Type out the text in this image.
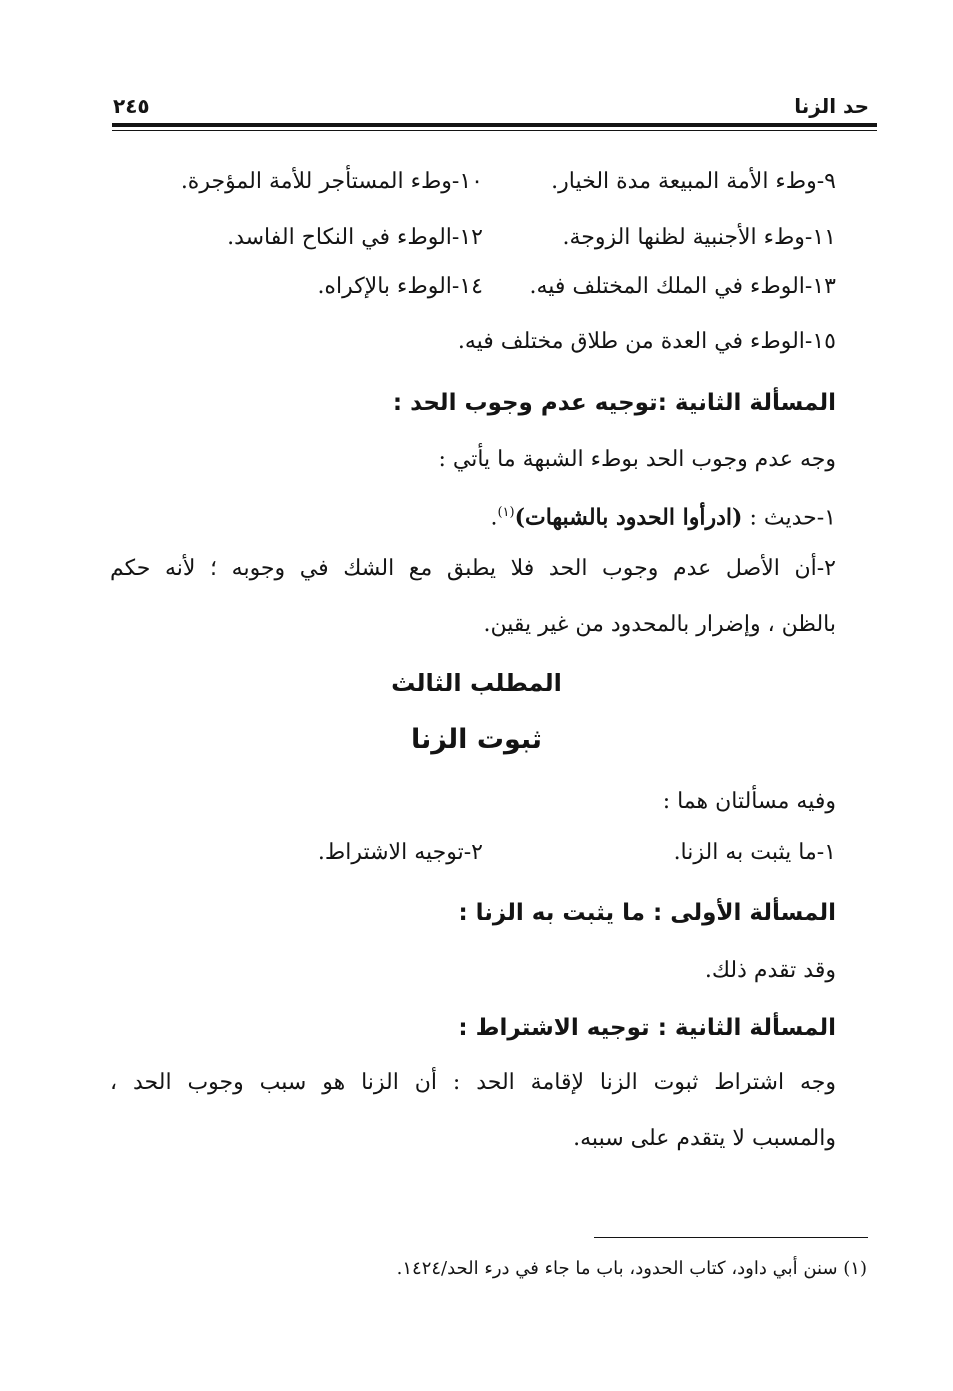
حد الزنا
٢٤٥
٩-وطء الأمة المبيعة مدة الخيار.
١٠-وطء المستأجر للأمة المؤجرة.
١١-وطء الأجنبية لظنها الزوجة.
١٢-الوطء في النكاح الفاسد.
١٣-الوطء في الملك المختلف فيه.
١٤-الوطء بالإكراه.
١٥-الوطء في العدة من طلاق مختلف فيه.
المسألة الثانية :توجيه عدم وجوب الحد :
وجه عدم وجوب الحد بوطء الشبهة ما يأتي :
١-حديث : (ادرأوا الحدود بالشبهات)$^{(١)}$.
٢-أن الأصل عدم وجوب الحد فلا يطبق مع الشك في وجوبه ؛ لأنه حكم
بالظن ، وإضرار بالمحدود من غير يقين.
المطلب الثالث
ثبوت الزنا
وفيه مسألتان هما :
١-ما يثبت به الزنا.
٢-توجيه الاشتراط.
المسألة الأولى : ما يثبت به الزنا :
وقد تقدم ذلك.
المسألة الثانية : توجيه الاشتراط :
وجه اشتراط ثبوت الزنا لإقامة الحد : أن الزنا هو سبب وجوب الحد ،
والمسبب لا يتقدم على سببه.
(١) سنن أبي داود، كتاب الحدود، باب ما جاء في درء الحد/١٤٢٤.
